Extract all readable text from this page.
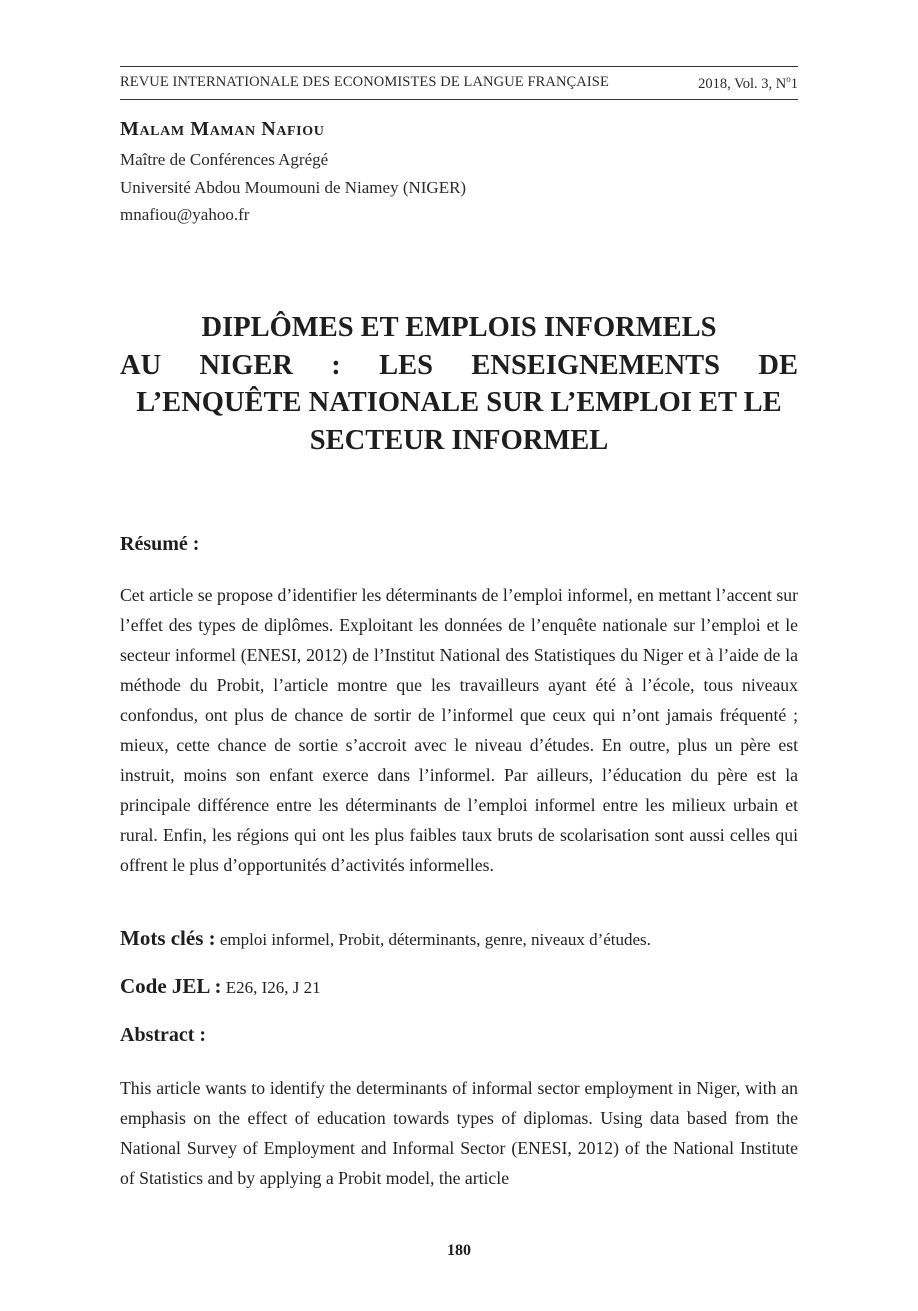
REVUE INTERNATIONALE DES ECONOMISTES DE LANGUE FRANÇAISE	2018, Vol. 3, $N^o1$
Malam Maman Nafiou
Maître de Conférences Agrégé
Université Abdou Moumouni de Niamey (NIGER)
mnafiou@yahoo.fr
DIPLÔMES ET EMPLOIS INFORMELS
AU NIGER : LES ENSEIGNEMENTS DE
L’ENQUÊTE NATIONALE SUR L’EMPLOI ET LE
SECTEUR INFORMEL
Résumé :
Cet article se propose d’identifier les déterminants de l’emploi informel, en mettant l’accent sur l’effet des types de diplômes. Exploitant les données de l’enquête nationale sur l’emploi et le secteur informel (ENESI, 2012) de l’Institut National des Statistiques du Niger et à l’aide de la méthode du Probit, l’article montre que les travailleurs ayant été à l’école, tous niveaux confondus, ont plus de chance de sortir de l’informel que ceux qui n’ont jamais fréquenté ; mieux, cette chance de sortie s’accroit avec le niveau d’études. En outre, plus un père est instruit, moins son enfant exerce dans l’informel. Par ailleurs, l’éducation du père est la principale différence entre les déterminants de l’emploi informel entre les milieux urbain et rural. Enfin, les régions qui ont les plus faibles taux bruts de scolarisation sont aussi celles qui offrent le plus d’opportunités d’activités informelles.
Mots clés : emploi informel, Probit, déterminants, genre, niveaux d’études.
Code JEL : E26, I26, J 21
Abstract :
This article wants to identify the determinants of informal sector employment in Niger, with an emphasis on the effect of education towards types of diplomas. Using data based from the National Survey of Employment and Informal Sector (ENESI, 2012) of the National Institute of Statistics and by applying a Probit model, the article
180
